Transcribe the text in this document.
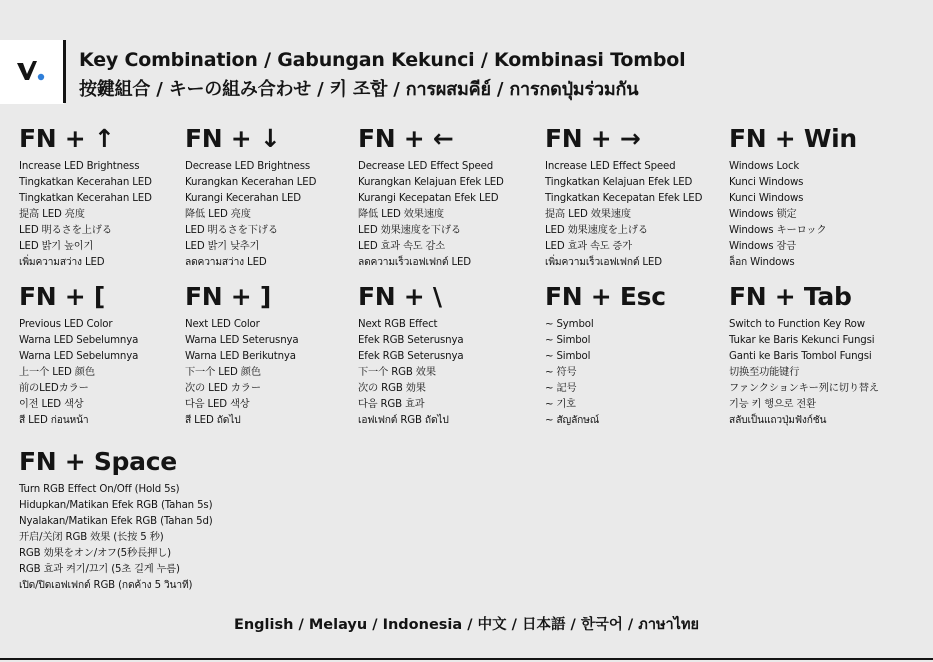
Key Combination / Gabungan Kekunci / Kombinasi Tombol
按鍵組合 / キーの組み合わせ / 키 조합 / การผสมคีย์ / การกดปุ่มร่วมกัน
FN + ↑
Increase LED Brightness
Tingkatkan Kecerahan LED
Tingkatkan Kecerahan LED
提高 LED 亮度
LED 明るさを上げる
LED 밝기 높이기
เพิ่มความสว่าง LED
FN + ↓
Decrease LED Brightness
Kurangkan Kecerahan LED
Kurangi Kecerahan LED
降低 LED 亮度
LED 明るさを下げる
LED 밝기 낮추기
ลดความสว่าง LED
FN + ←
Decrease LED Effect Speed
Kurangkan Kelajuan Efek LED
Kurangi Kecepatan Efek LED
降低 LED 效果速度
LED 効果速度を下げる
LED 효과 속도 감소
ลดความเร็วเอฟเฟกต์ LED
FN + →
Increase LED Effect Speed
Tingkatkan Kelajuan Efek LED
Tingkatkan Kecepatan Efek LED
提高 LED 效果速度
LED 効果速度を上げる
LED 효과 속도 증가
เพิ่มความเร็วเอฟเฟกต์ LED
FN + Win
Windows Lock
Kunci Windows
Kunci Windows
Windows 锁定
Windows キーロック
Windows 잠금
ล็อก Windows
FN + [
Previous LED Color
Warna LED Sebelumnya
Warna LED Sebelumnya
上一个 LED 颜色
前のLEDカラー
이전 LED 색상
สี LED ก่อนหน้า
FN + ]
Next LED Color
Warna LED Seterusnya
Warna LED Berikutnya
下一个 LED 颜色
次の LED カラー
다음 LED 색상
สี LED ถัดไป
FN + \
Next RGB Effect
Efek RGB Seterusnya
Efek RGB Seterusnya
下一个 RGB 效果
次の RGB 効果
다음 RGB 효과
เอฟเฟกต์ RGB ถัดไป
FN + Esc
~ Symbol
~ Simbol
~ Simbol
~ 符号
~ 記号
~ 기호
~ สัญลักษณ์
FN + Tab
Switch to Function Key Row
Tukar ke Baris Kekunci Fungsi
Ganti ke Baris Tombol Fungsi
切换至功能键行
ファンクションキー列に切り替え
기능 키 행으로 전환
สลับเป็นแถวปุ่มฟังก์ชัน
FN + Space
Turn RGB Effect On/Off (Hold 5s)
Hidupkan/Matikan Efek RGB (Tahan 5s)
Nyalakan/Matikan Efek RGB (Tahan 5d)
开启/关闭 RGB 效果 (长按 5 秒)
RGB 効果をオン/オフ(5秒長押し)
RGB 효과 켜기/끄기 (5초 길게 누름)
เปิด/ปิดเอฟเฟกต์ RGB (กดค้าง 5 วินาที)
English / Melayu / Indonesia / 中文 / 日本語 / 한국어 / ภาษาไทย
